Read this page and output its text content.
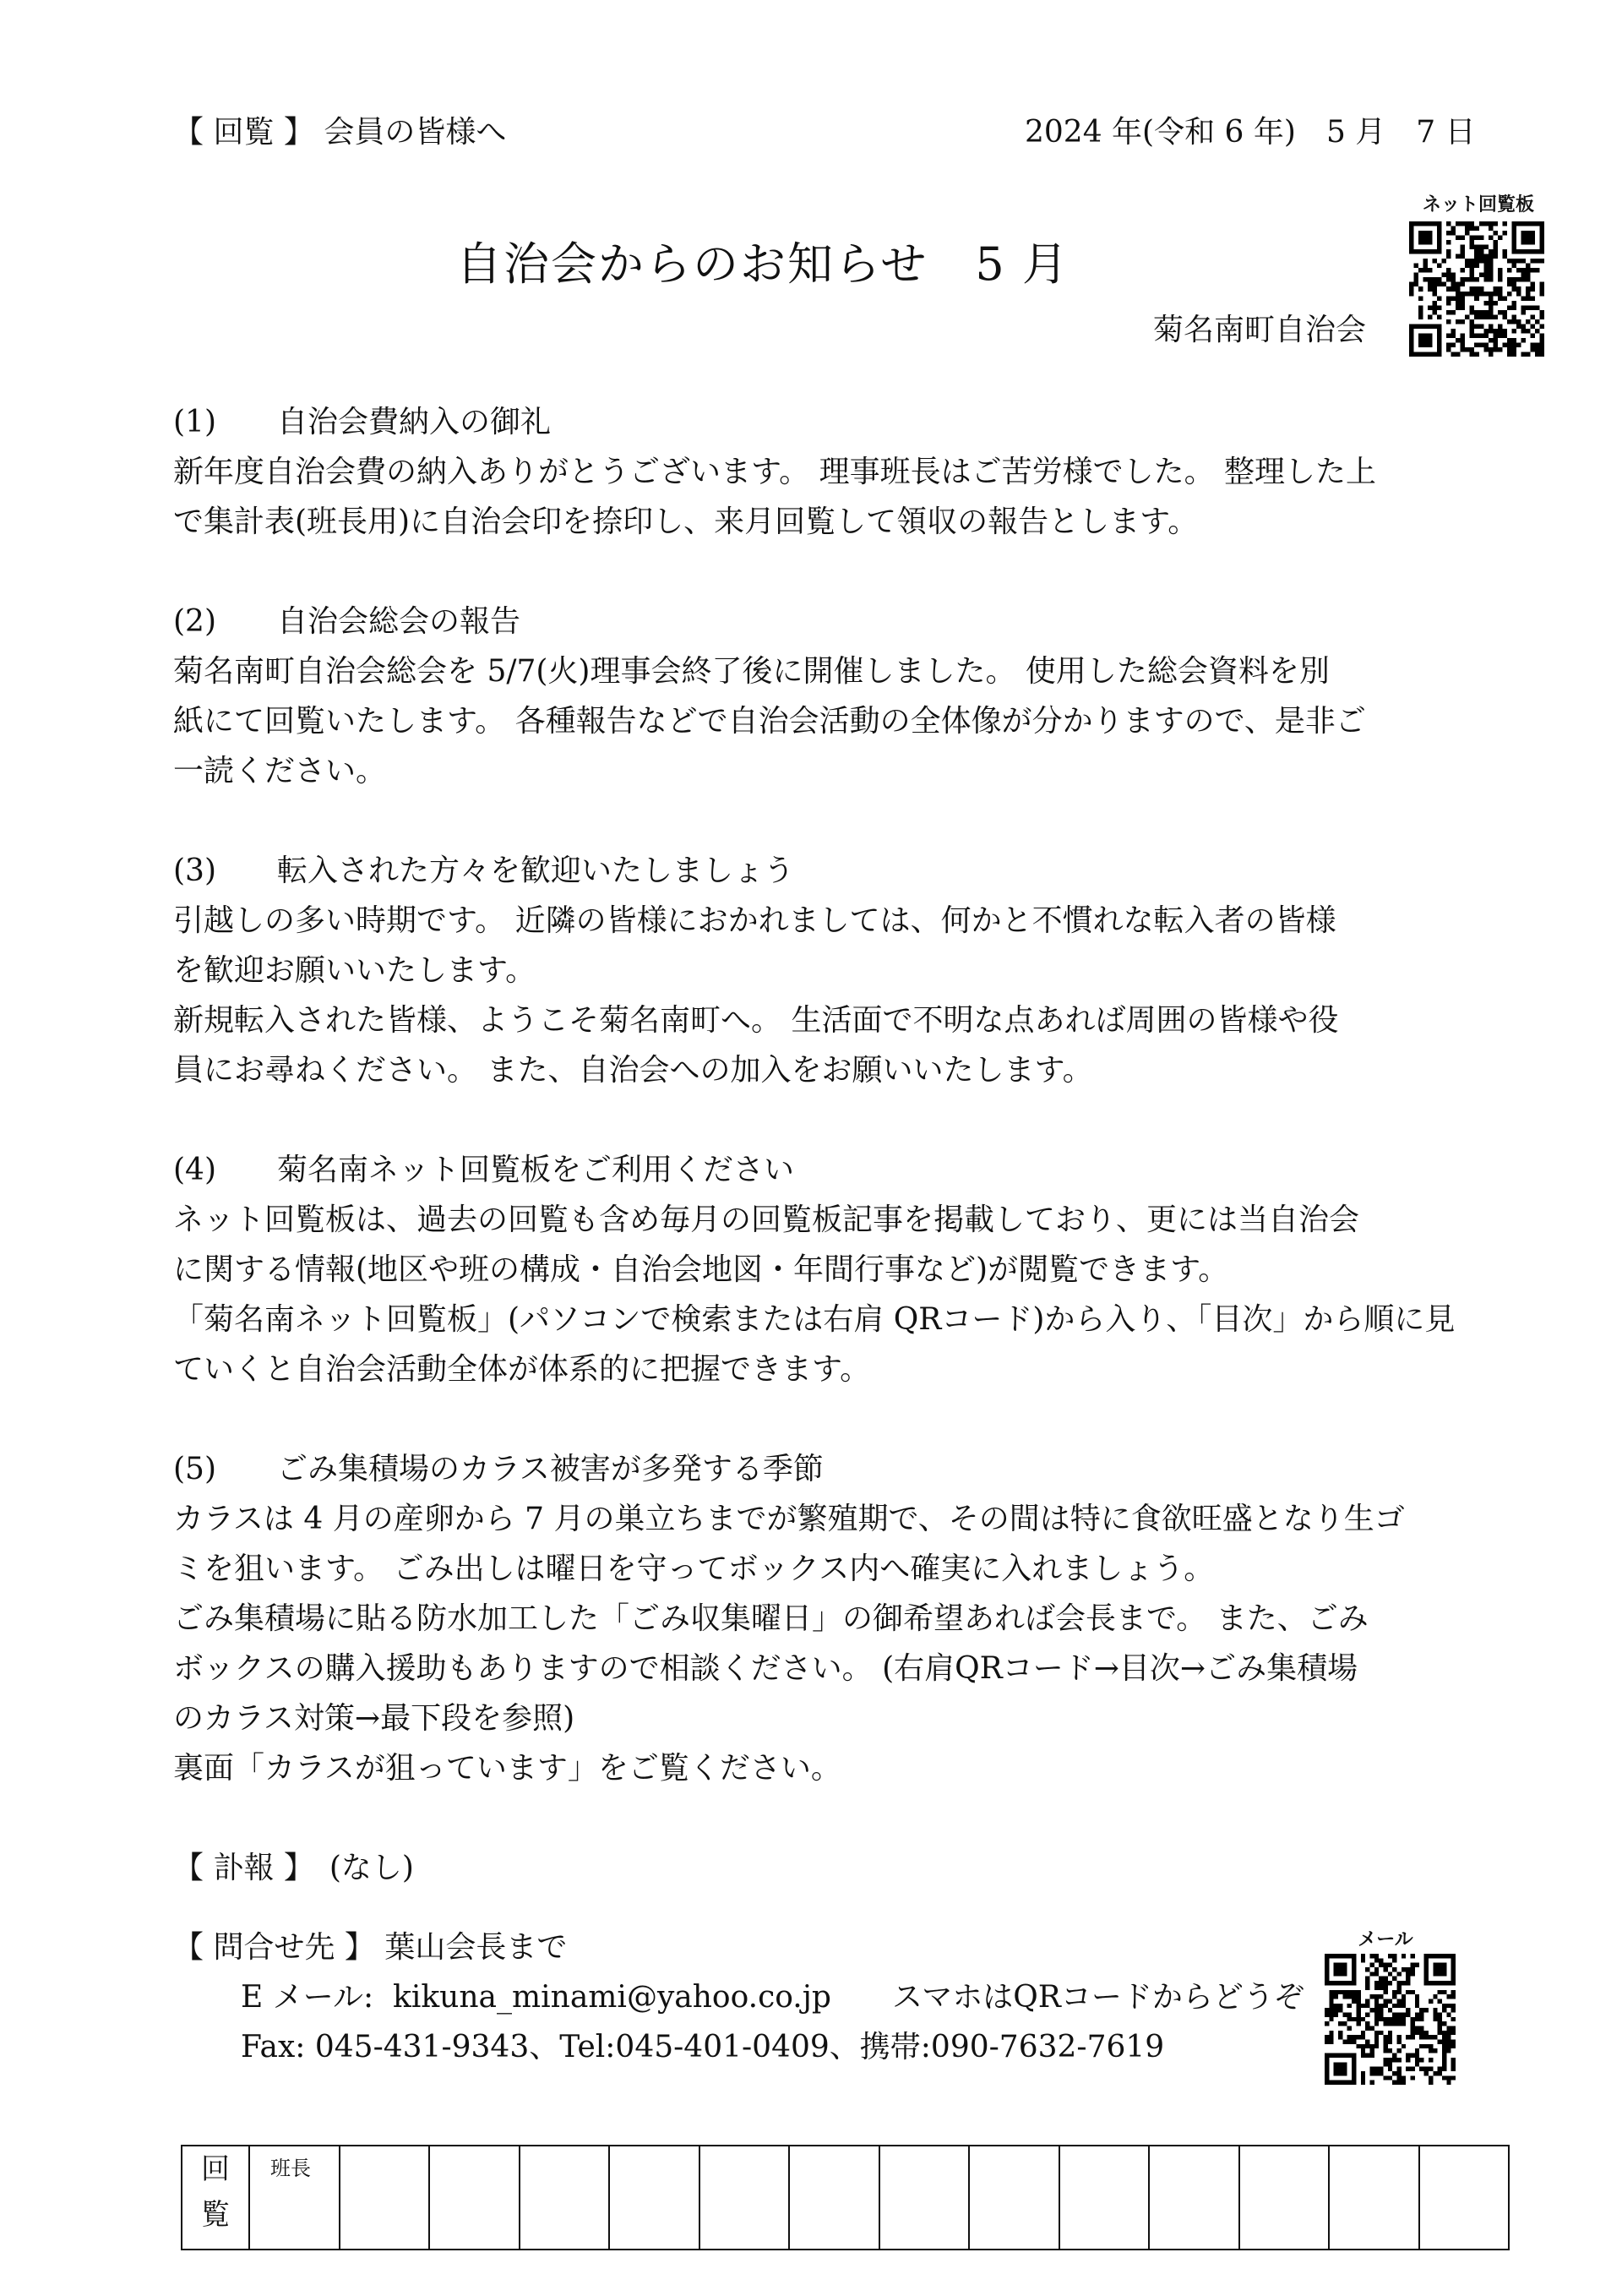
【 回覧 】 会員の皆様へ	2024 年(令和 6 年)　5 月　7 日
自治会からのお知らせ　5 月
菊名南町自治会
ネット回覧板

(1)　　自治会費納入の御礼

新年度自治会費の納入ありがとうございます。 理事班長はご苦労様でした。 整理した上

で集計表(班長用)に自治会印を捺印し、来月回覧して領収の報告とします。

(2)　　自治会総会の報告

菊名南町自治会総会を 5/7(火)理事会終了後に開催しました。 使用した総会資料を別

紙にて回覧いたします。 各種報告などで自治会活動の全体像が分かりますので、是非ご

一読ください。

(3)　　転入された方々を歓迎いたしましょう

引越しの多い時期です。 近隣の皆様におかれましては、何かと不慣れな転入者の皆様

を歓迎お願いいたします。

新規転入された皆様、ようこそ菊名南町へ。 生活面で不明な点あれば周囲の皆様や役

員にお尋ねください。 また、自治会への加入をお願いいたします。

(4)　　菊名南ネット回覧板をご利用ください

ネット回覧板は、過去の回覧も含め毎月の回覧板記事を掲載しており、更には当自治会

に関する情報(地区や班の構成・自治会地図・年間行事など)が閲覧できます。

「菊名南ネット回覧板」(パソコンで検索または右肩 QRコード)から入り、「目次」から順に見

ていくと自治会活動全体が体系的に把握できます。

(5)　　ごみ集積場のカラス被害が多発する季節

カラスは 4 月の産卵から 7 月の巣立ちまでが繁殖期で、その間は特に食欲旺盛となり生ゴ

ミを狙います。 ごみ出しは曜日を守ってボックス内へ確実に入れましょう。

ごみ集積場に貼る防水加工した「ごみ収集曜日」の御希望あれば会長まで。 また、ごみ

ボックスの購入援助もありますので相談ください。 (右肩QRコード→目次→ごみ集積場

のカラス対策→最下段を参照)

裏面「カラスが狙っています」をご覧ください。

【 訃報 】　(なし)

【 問合せ先 】 葉山会長まで
E メール:  kikuna_minami@yahoo.co.jp　　スマホはQRコードからどうぞ
Fax: 045-431-9343、Tel:045-401-0409、携帯:090-7632-7619
メール
回
覧
	班長													
